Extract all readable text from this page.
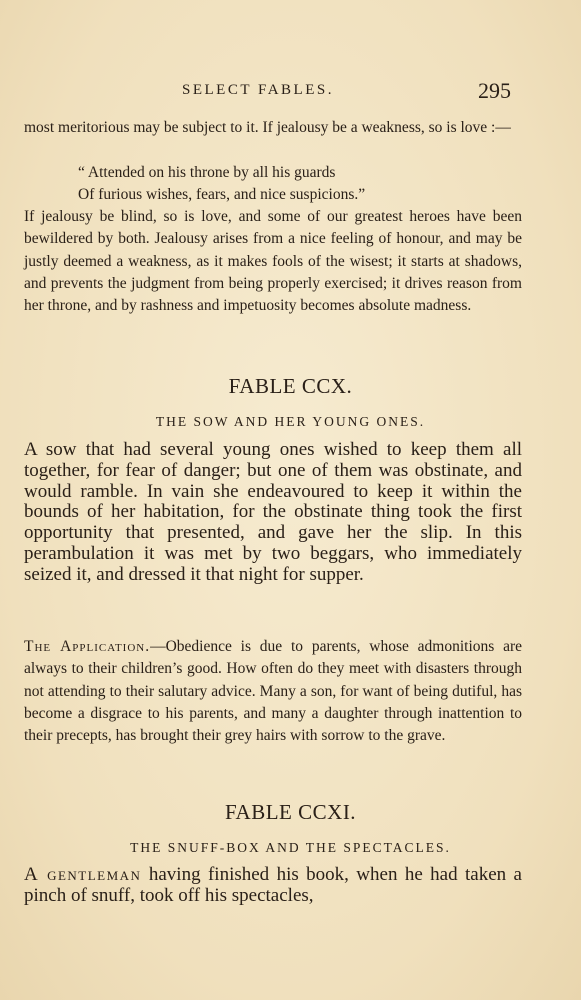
SELECT FABLES.	295

most meritorious may be subject to it. If jealousy be a weakness, so is love :—

“ Attended on his throne by all his guards
Of furious wishes, fears, and nice suspicions.”

If jealousy be blind, so is love, and some of our greatest heroes have been bewildered by both. Jealousy arises from a nice feeling of honour, and may be justly deemed a weakness, as it makes fools of the wisest; it starts at shadows, and prevents the judgment from being properly exercised; it drives reason from her throne, and by rashness and impetuosity becomes absolute madness.

FABLE CCX.
THE SOW AND HER YOUNG ONES.

A sow that had several young ones wished to keep them all together, for fear of danger; but one of them was obstinate, and would ramble. In vain she endeavoured to keep it within the bounds of her habitation, for the obstinate thing took the first opportunity that presented, and gave her the slip. In this perambulation it was met by two beggars, who immediately seized it, and dressed it that night for supper.

The Application.—Obedience is due to parents, whose admonitions are always to their children’s good. How often do they meet with disasters through not attending to their salutary advice. Many a son, for want of being dutiful, has become a disgrace to his parents, and many a daughter through inattention to their precepts, has brought their grey hairs with sorrow to the grave.

FABLE CCXI.
THE SNUFF-BOX AND THE SPECTACLES.

A gentleman having finished his book, when he had taken a pinch of snuff, took off his spectacles,
